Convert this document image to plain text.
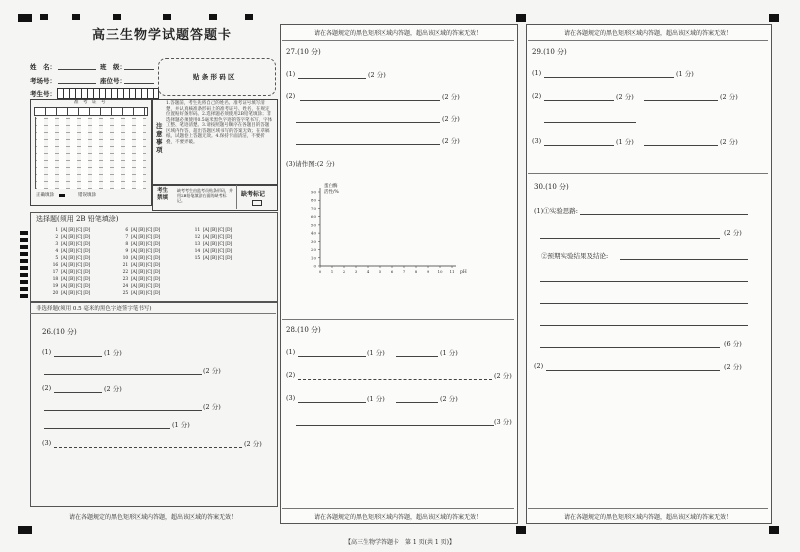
高三生物学试题答题卡
姓　名：	班　级：
考场号：	座位号：
考生号：
贴 条 形 码 区
准　考　证　号
正确填涂	错误填涂
注意事项
1.答题前，考生先将自己的姓名、准考证号填写清楚，并认真核准条形码上的准考证号、姓名，在规定位置贴好条形码。2.选择题必须使用2B铅笔填涂；非选择题必须使用0.5毫米黑色字迹的签字笔书写，字体工整、笔迹清楚。3.请按照题号顺序在各题目的答题区域内作答，超出答题区域书写的答案无效；在草稿纸、试题卷上答题无效。4.保持卡面清洁，不要折叠，不要弄破。
考生禁填
缺考考生由监考员贴条形码，并用2B铅笔填涂右面的缺考标记。
缺考标记
选择题(须用 2B 铅笔填涂)
1 [A] [B] [C] [D]
2 [A] [B] [C] [D]
3 [A] [B] [C] [D]
4 [A] [B] [C] [D]
5 [A] [B] [C] [D]
16 [A] [B] [C] [D]
17 [A] [B] [C] [D]
18 [A] [B] [C] [D]
19 [A] [B] [C] [D]
20 [A] [B] [C] [D]
6 [A] [B] [C] [D]
7 [A] [B] [C] [D]
8 [A] [B] [C] [D]
9 [A] [B] [C] [D]
10 [A] [B] [C] [D]
21 [A] [B] [C] [D]
22 [A] [B] [C] [D]
23 [A] [B] [C] [D]
24 [A] [B] [C] [D]
25 [A] [B] [C] [D]
11 [A] [B] [C] [D]
12 [A] [B] [C] [D]
13 [A] [B] [C] [D]
14 [A] [B] [C] [D]
15 [A] [B] [C] [D]
非选择题(须用 0.5 毫米的黑色字迹签字笔书写)
26.(10 分)
(1)	(1 分)
(2 分)
(2)	(2 分)
(2 分)
(1 分)
(3)	(2 分)
请在各题规定的黑色矩形区域内答题，超出该区域的答案无效！
请在各题规定的黑色矩形区域内答题，超出该区域的答案无效！
27.(10 分)
(1)	(2 分)
(2)	(2 分)
(2 分)
(2 分)
(3)请作图:(2 分)
0
10
20
30
40
50
60
70
80
90
0 1 2 3 4 5 6 7 8 9 10 11 pH
蛋白酶
活性/%
28.(10 分)
(1)	(1 分)	(1 分)
(2)	(2 分)
(3)	(1 分)	(2 分)
(3 分)
请在各题规定的黑色矩形区域内答题，超出该区域的答案无效！
请在各题规定的黑色矩形区域内答题，超出该区域的答案无效！
29.(10 分)
(1)	(1 分)
(2)	(2 分)	(2 分)
(3)	(1 分)	(2 分)
30.(10 分)
(1)①实验思路:
(2 分)
②预期实验结果及结论:
(6 分)
(2)	(2 分)
请在各题规定的黑色矩形区域内答题，超出该区域的答案无效！
【高三生物学答题卡　第 1 页(共 1 页)】
